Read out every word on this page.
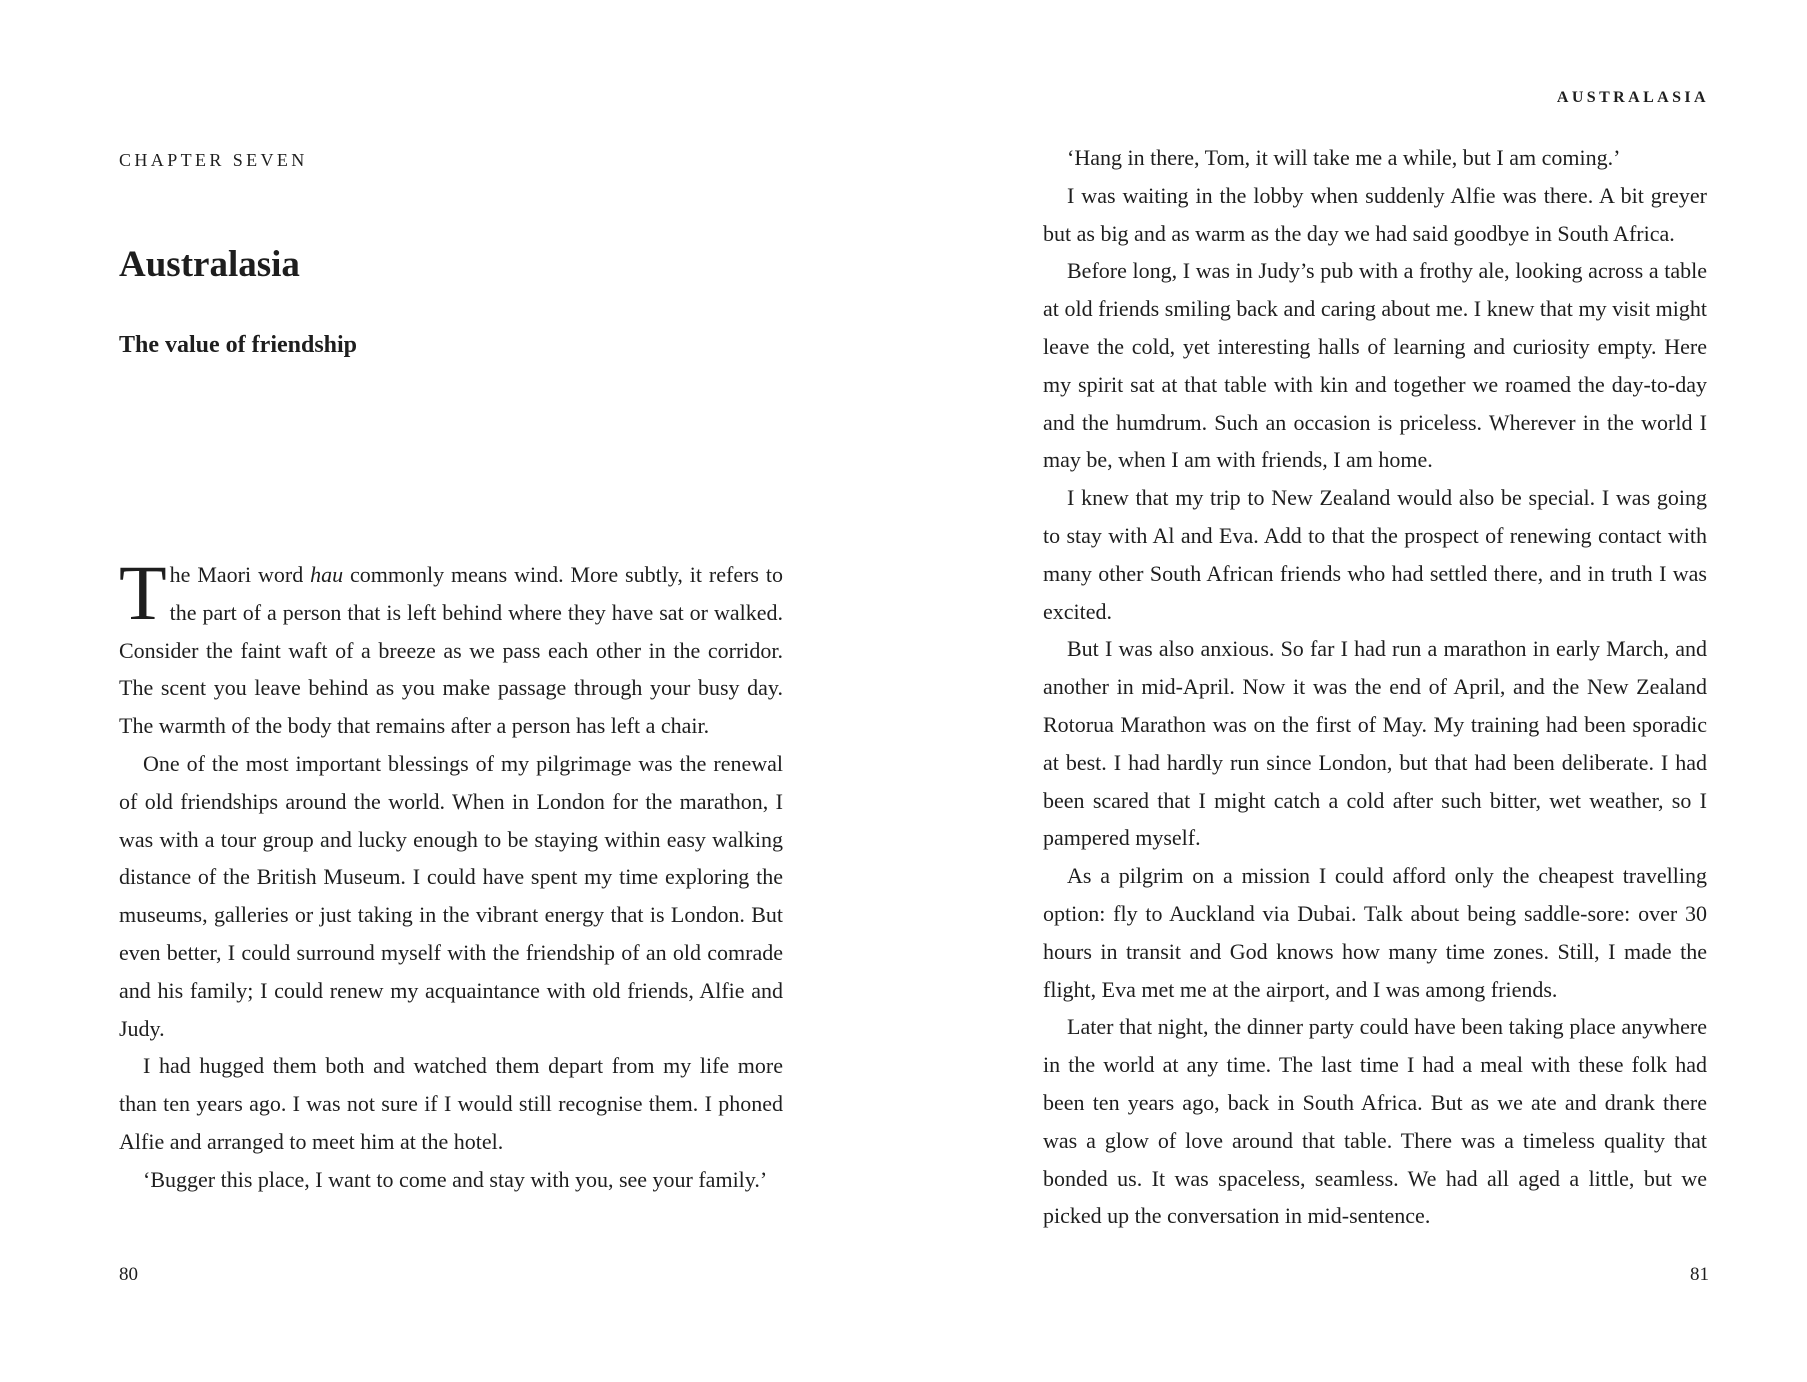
CHAPTER SEVEN

Australasia
The value of friendship

The Maori word hau commonly means wind. More subtly, it refers to the part of a person that is left behind where they have sat or walked. Consider the faint waft of a breeze as we pass each other in the corridor. The scent you leave behind as you make passage through your busy day. The warmth of the body that remains after a person has left a chair.

One of the most important blessings of my pilgrimage was the renewal of old friendships around the world. When in London for the marathon, I was with a tour group and lucky enough to be staying within easy walking distance of the British Museum. I could have spent my time exploring the museums, galleries or just taking in the vibrant energy that is London. But even better, I could surround myself with the friendship of an old comrade and his family; I could renew my acquaintance with old friends, Alfie and Judy.

I had hugged them both and watched them depart from my life more than ten years ago. I was not sure if I would still recognise them. I phoned Alfie and arranged to meet him at the hotel.

‘Bugger this place, I want to come and stay with you, see your family.’

80

AUSTRALASIA

‘Hang in there, Tom, it will take me a while, but I am coming.’

I was waiting in the lobby when suddenly Alfie was there. A bit greyer but as big and as warm as the day we had said goodbye in South Africa.

Before long, I was in Judy’s pub with a frothy ale, looking across a table at old friends smiling back and caring about me. I knew that my visit might leave the cold, yet interesting halls of learning and curiosity empty. Here my spirit sat at that table with kin and together we roamed the day-to-day and the humdrum. Such an occasion is priceless. Wherever in the world I may be, when I am with friends, I am home.

I knew that my trip to New Zealand would also be special. I was going to stay with Al and Eva. Add to that the prospect of renewing contact with many other South African friends who had settled there, and in truth I was excited.

But I was also anxious. So far I had run a marathon in early March, and another in mid-April. Now it was the end of April, and the New Zealand Rotorua Marathon was on the first of May. My training had been sporadic at best. I had hardly run since London, but that had been deliberate. I had been scared that I might catch a cold after such bitter, wet weather, so I pampered myself.

As a pilgrim on a mission I could afford only the cheapest travelling option: fly to Auckland via Dubai. Talk about being saddle-sore: over 30 hours in transit and God knows how many time zones. Still, I made the flight, Eva met me at the airport, and I was among friends.

Later that night, the dinner party could have been taking place anywhere in the world at any time. The last time I had a meal with these folk had been ten years ago, back in South Africa. But as we ate and drank there was a glow of love around that table. There was a timeless quality that bonded us. It was spaceless, seamless. We had all aged a little, but we picked up the conversation in mid-sentence.

81
